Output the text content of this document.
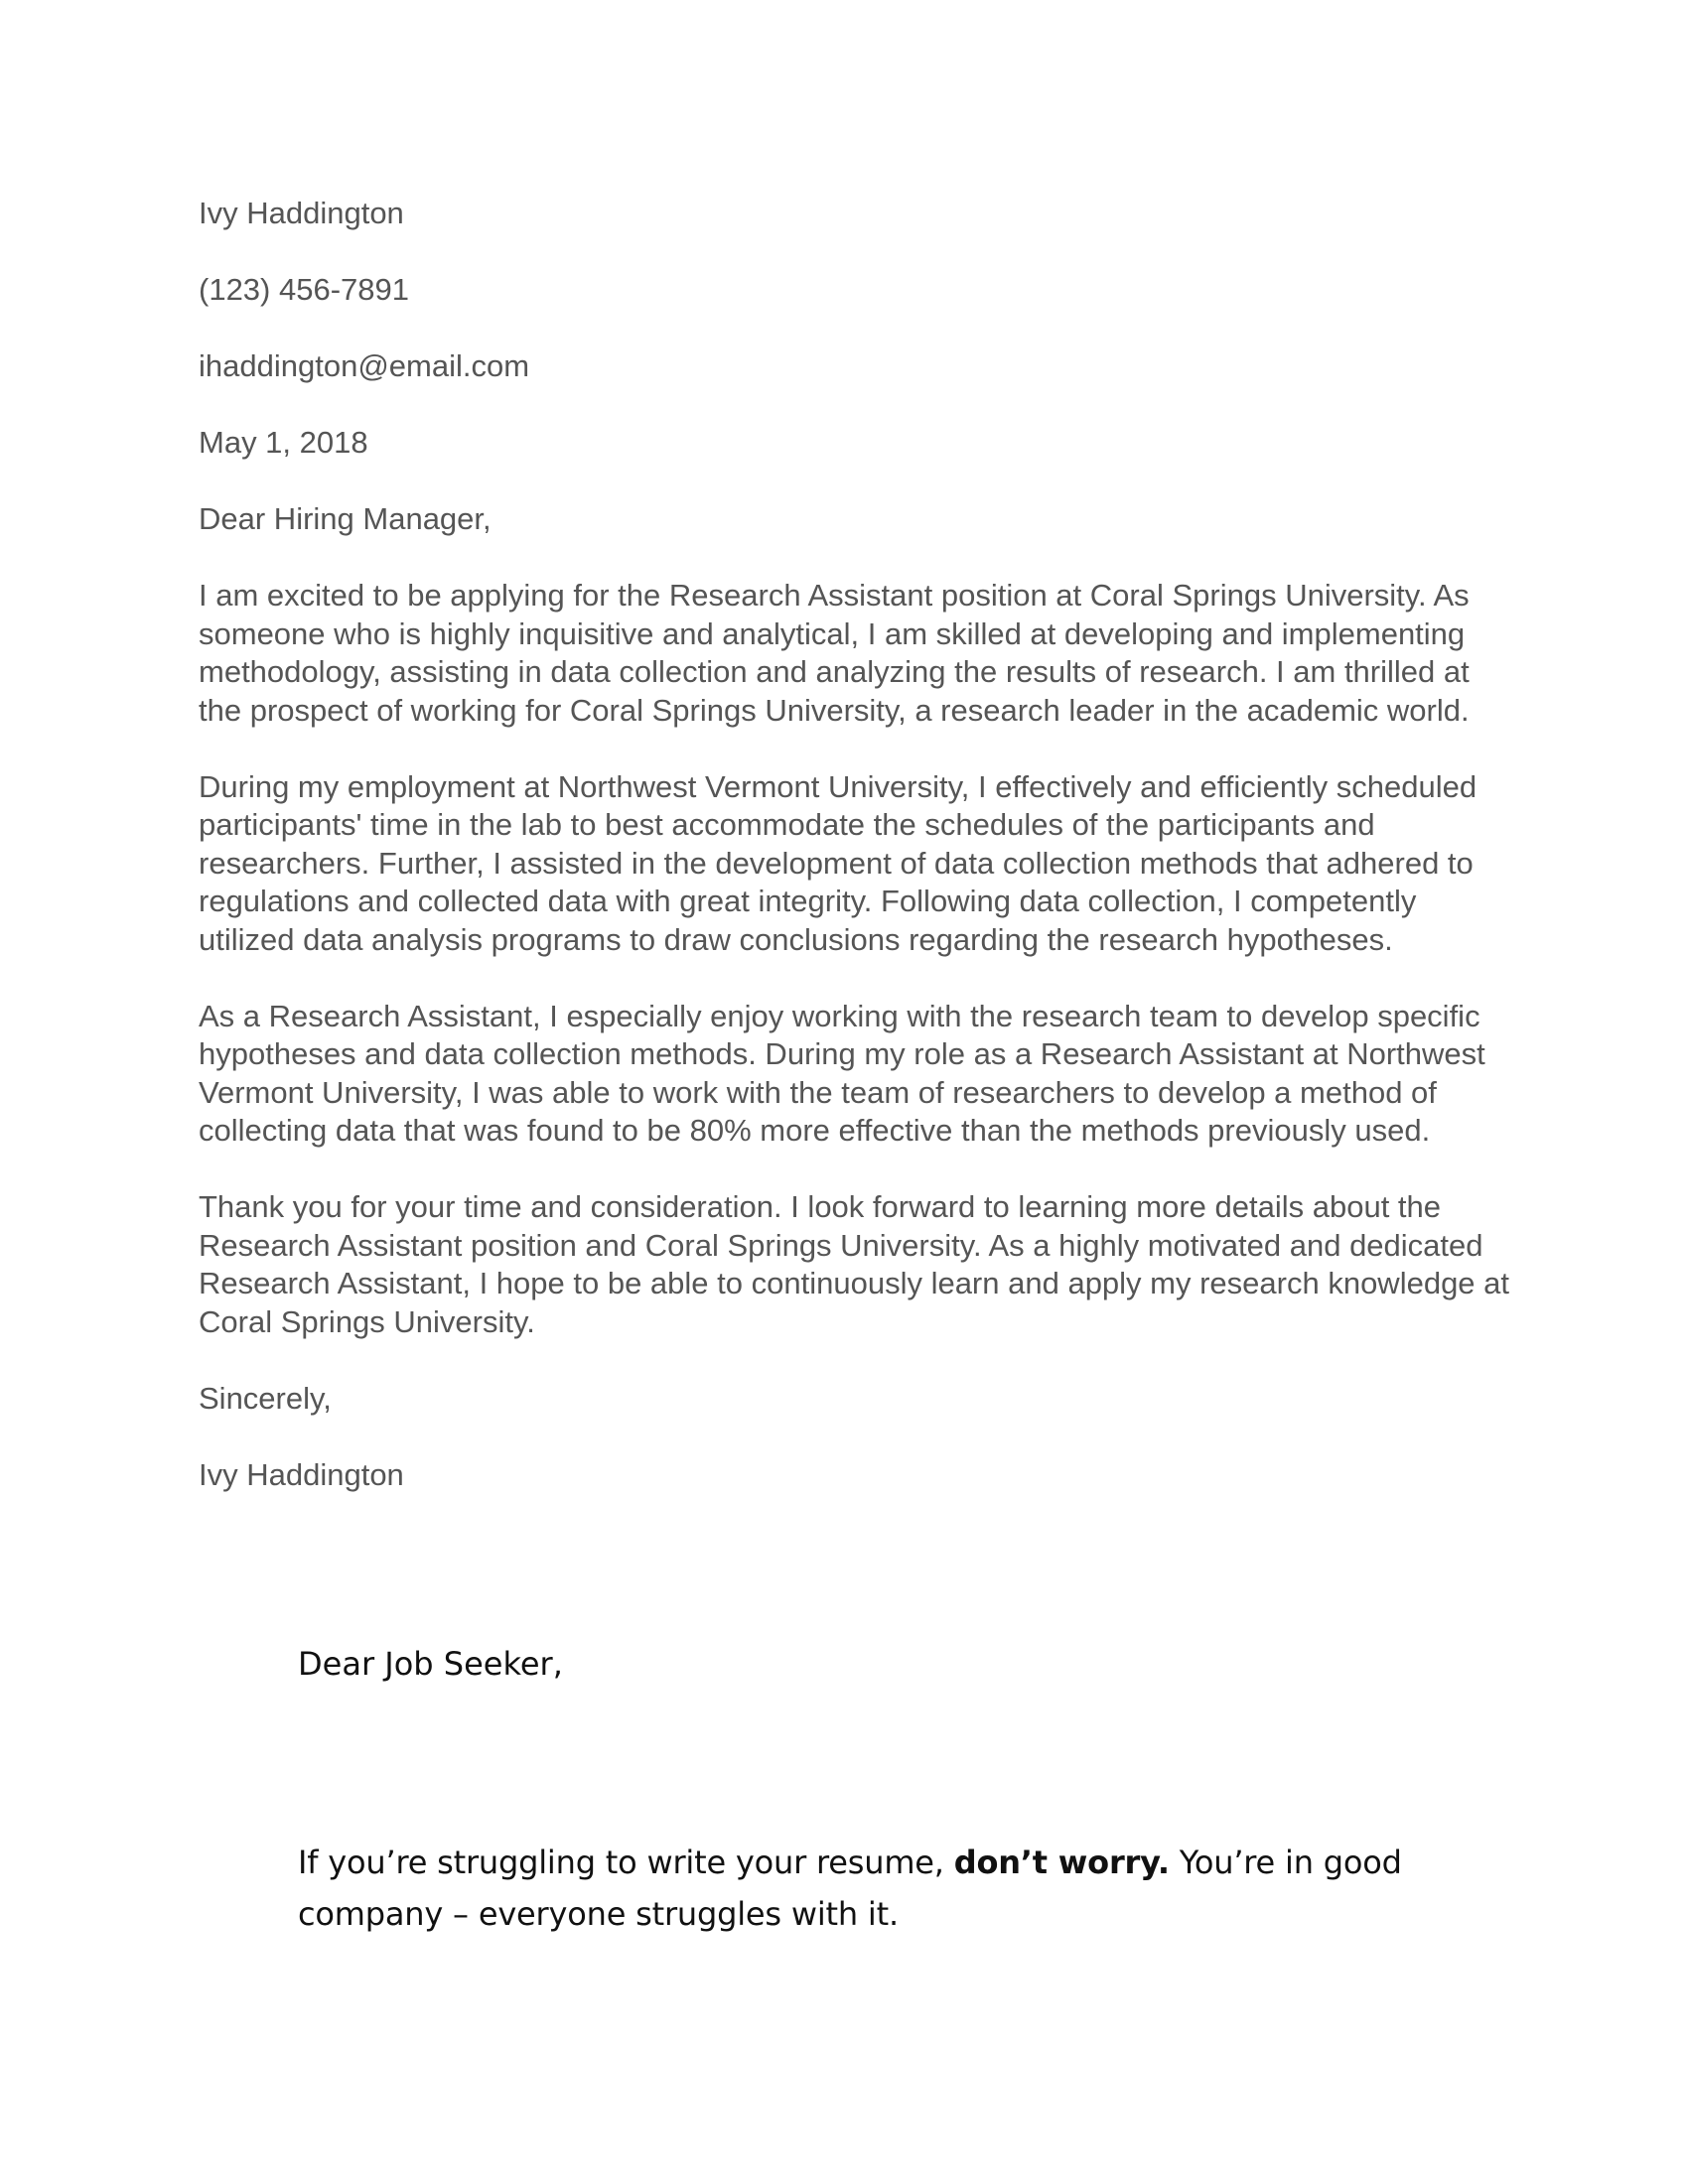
Ivy Haddington

(123) 456-7891

ihaddington@email.com

May 1, 2018

Dear Hiring Manager,

I am excited to be applying for the Research Assistant position at Coral Springs University. As someone who is highly inquisitive and analytical, I am skilled at developing and implementing methodology, assisting in data collection and analyzing the results of research. I am thrilled at the prospect of working for Coral Springs University, a research leader in the academic world.

During my employment at Northwest Vermont University, I effectively and efficiently scheduled participants' time in the lab to best accommodate the schedules of the participants and researchers. Further, I assisted in the development of data collection methods that adhered to regulations and collected data with great integrity. Following data collection, I competently utilized data analysis programs to draw conclusions regarding the research hypotheses.

As a Research Assistant, I especially enjoy working with the research team to develop specific hypotheses and data collection methods. During my role as a Research Assistant at Northwest Vermont University, I was able to work with the team of researchers to develop a method of collecting data that was found to be 80% more effective than the methods previously used.

Thank you for your time and consideration. I look forward to learning more details about the Research Assistant position and Coral Springs University. As a highly motivated and dedicated Research Assistant, I hope to be able to continuously learn and apply my research knowledge at Coral Springs University.

Sincerely,

Ivy Haddington

Dear Job Seeker,

If you’re struggling to write your resume, don’t worry. You’re in good company – everyone struggles with it.
